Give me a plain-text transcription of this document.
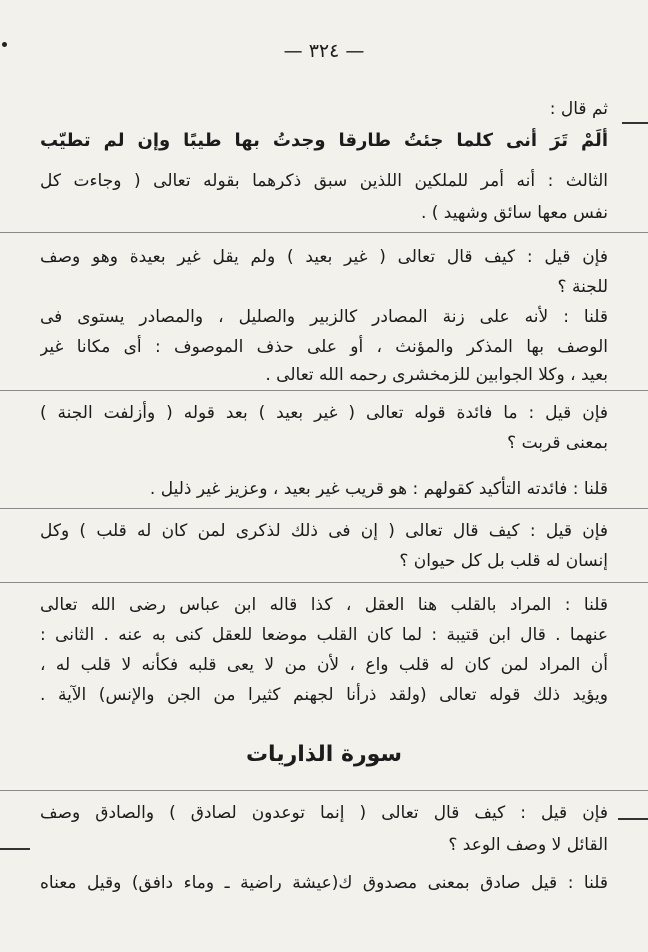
— ٣٢٤ —
ثم قال :
أَلَمْ تَرَ أَنى كلما جئتُ طارقا وجدتُ بها طيبًا وإن لم تطيّب
الثالث : أنه أمر للملكين اللذين سبق ذكرهما بقوله تعالى ( وجاءت كل
نفس معها سائق وشهيد ) .
فإن قيل : كيف قال تعالى ( غير بعيد ) ولم يقل غير بعيدة وهو وصف
للجنة ؟
قلنا : لأنه على زنة المصادر كالزبير والصليل ، والمصادر يستوى فى
الوصف بها المذكر والمؤنث ، أو على حذف الموصوف : أى مكانا غير
بعيد ، وكلا الجوابين للزمخشرى رحمه الله تعالى .
فإن قيل : ما فائدة قوله تعالى ( غير بعيد ) بعد قوله ( وأزلفت الجنة )
بمعنى قربت ؟
قلنا : فائدته التأكيد كقولهم : هو قريب غير بعيد ، وعزيز غير ذليل .
فإن قيل : كيف قال تعالى ( إن فى ذلك لذكرى لمن كان له قلب ) وكل
إنسان له قلب بل كل حيوان ؟
قلنا : المراد بالقلب هنا العقل ، كذا قاله ابن عباس رضى الله تعالى
عنهما . قال ابن قتيبة : لما كان القلب موضعا للعقل كنى به عنه . الثانى :
أن المراد لمن كان له قلب واع ، لأن من لا يعى قلبه فكأنه لا قلب له ،
ويؤيد ذلك قوله تعالى (ولقد ذرأنا لجهنم كثيرا من الجن والإنس) الآية .
سورة الذاريات
فإن قيل : كيف قال تعالى ( إنما توعدون لصادق ) والصادق وصف
القائل لا وصف الوعد ؟
قلنا : قيل صادق بمعنى مصدوق ك(عيشة راضية ـ وماء دافق) وقيل معناه
